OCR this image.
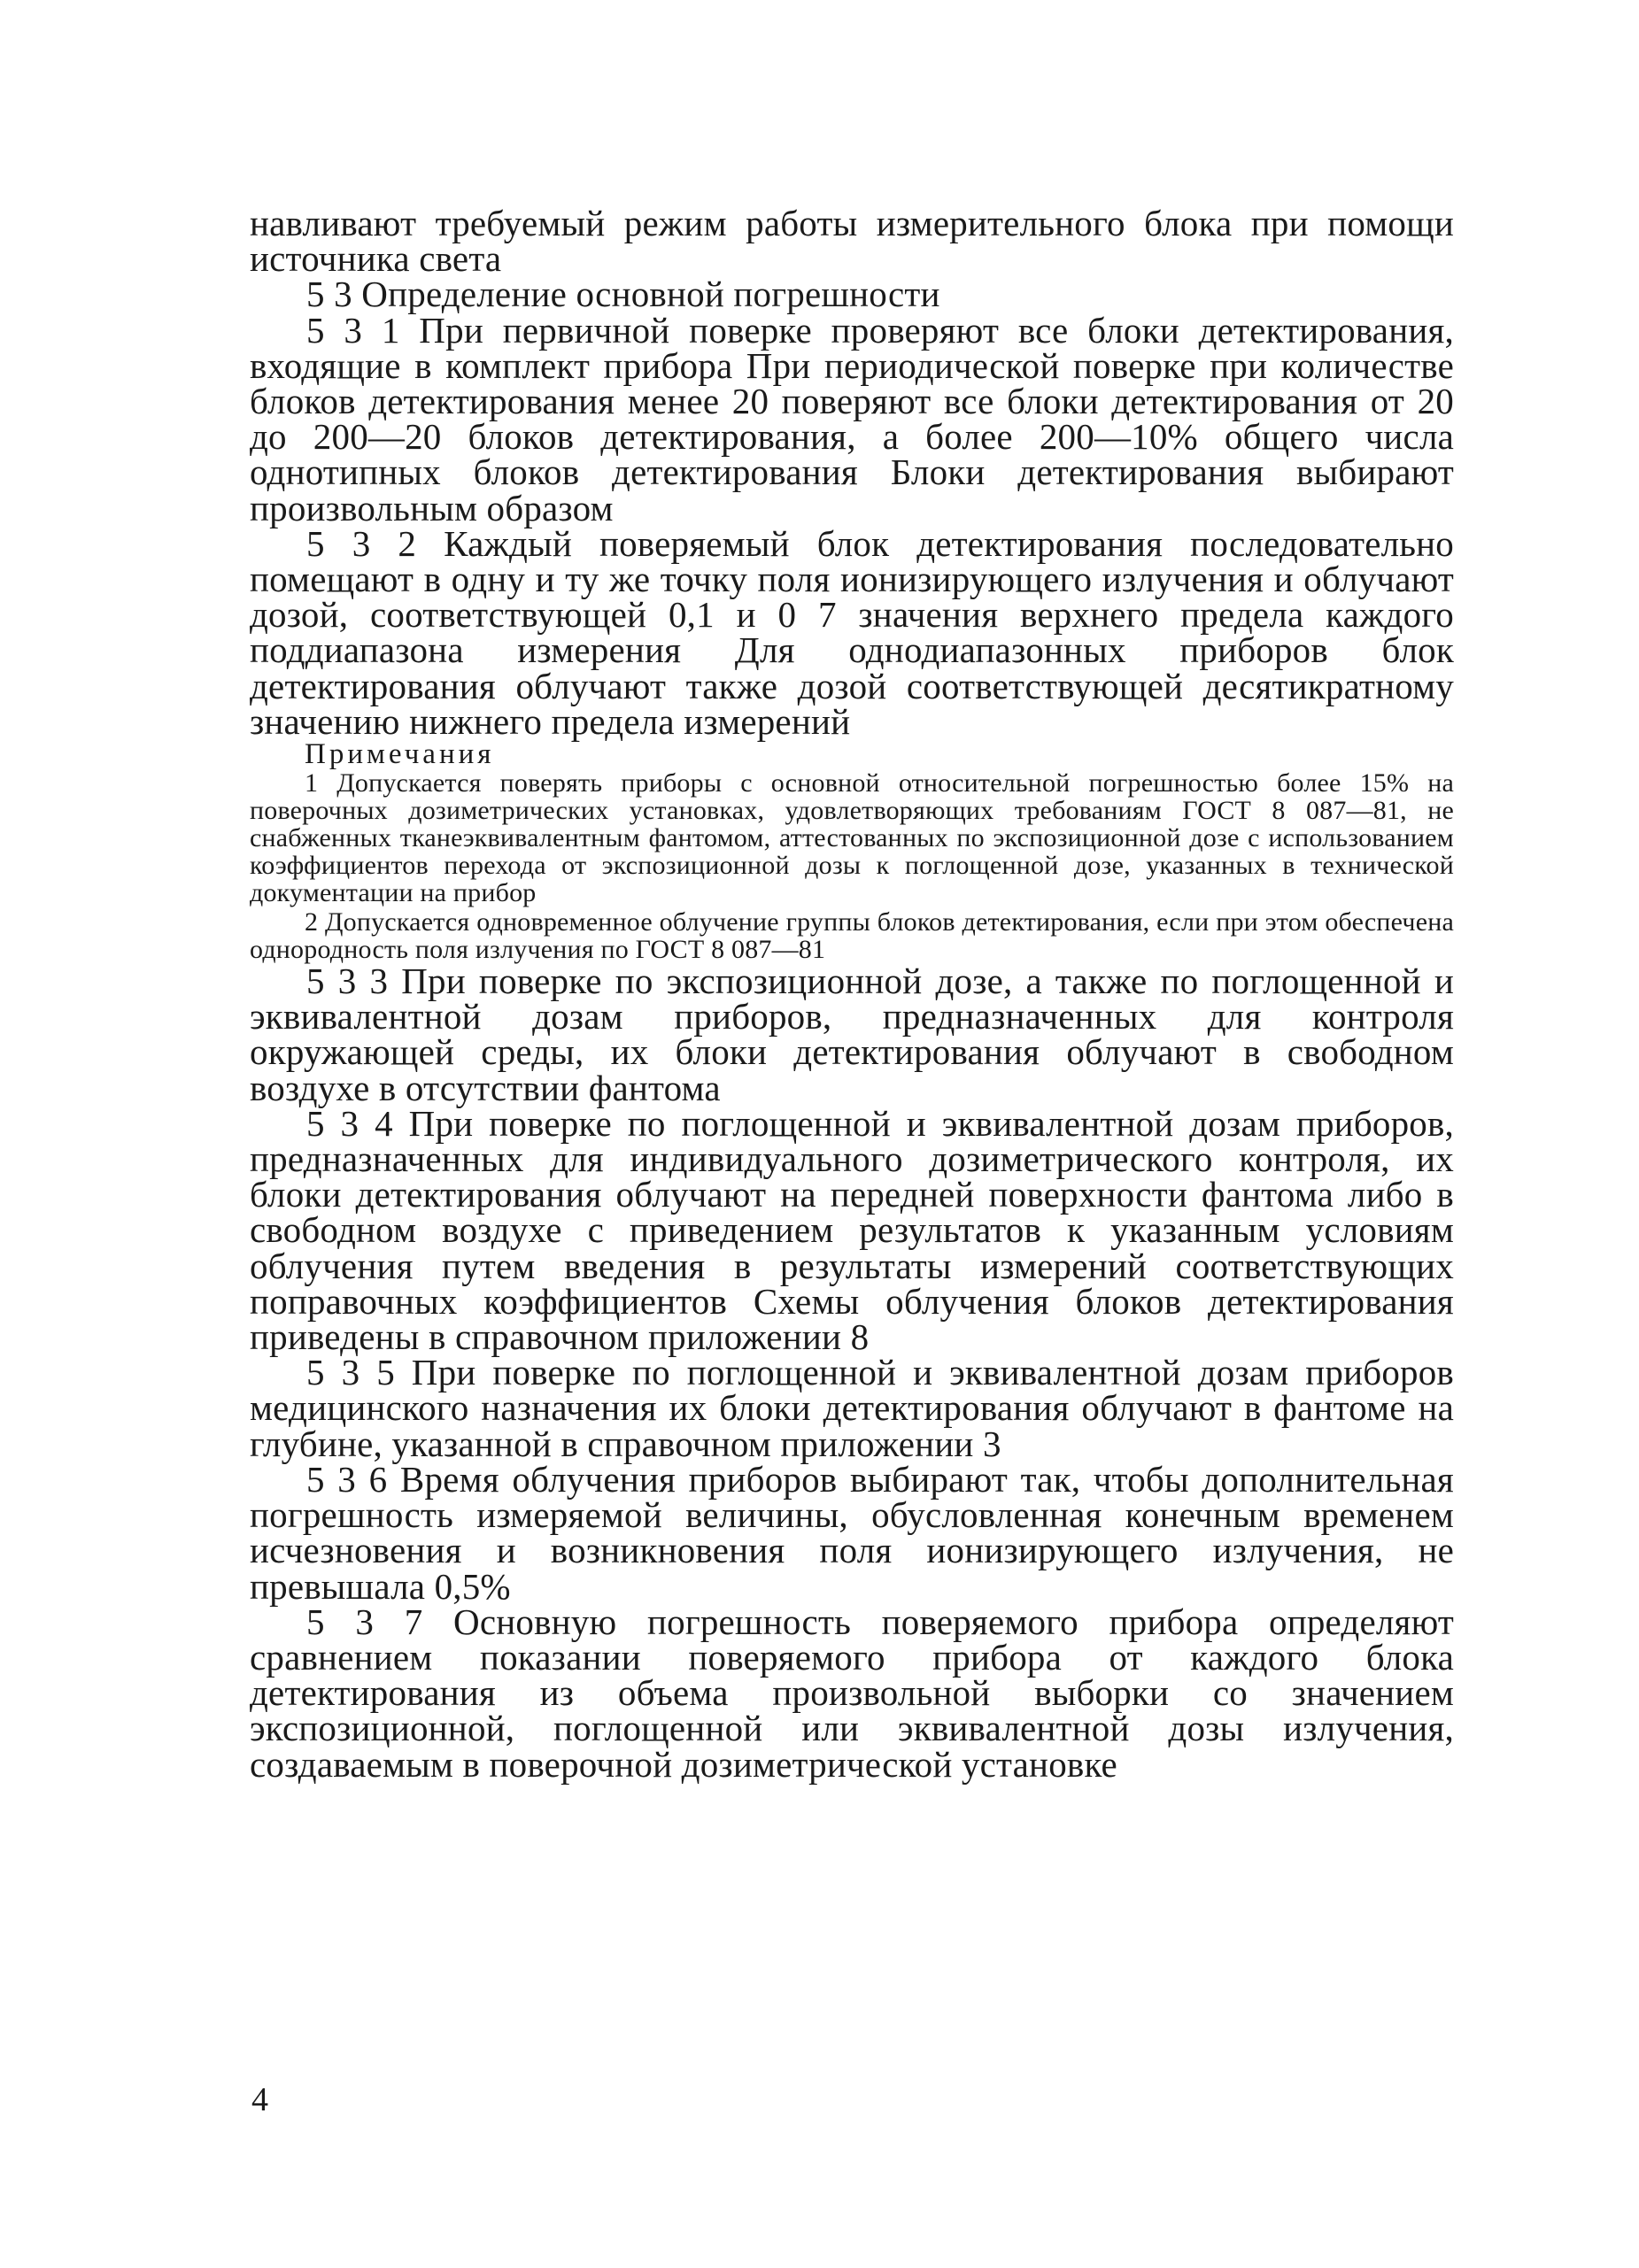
навливают требуемый режим работы измерительного блока при помощи источника света

5 3 Определение основной погрешности

5 3 1 При первичной поверке проверяют все блоки детектирования, входящие в комплект прибора При периодической поверке при количестве блоков детектирования менее 20 поверяют все блоки детектирования от 20 до 200—20 блоков детектирования, а более 200—10% общего числа однотипных блоков детектирования Блоки детектирования выбирают произвольным образом

5 3 2 Каждый поверяемый блок детектирования последовательно помещают в одну и ту же точку поля ионизирующего излучения и облучают дозой, соответствующей 0,1 и 0 7 значения верхнего предела каждого поддиапазона измерения Для однодиапазонных приборов блок детектирования облучают также дозой соответствующей десятикратному значению нижнего предела измерений

Примечания

1 Допускается поверять приборы с основной относительной погрешностью более 15% на поверочных дозиметрических установках, удовлетворяющих требованиям ГОСТ 8 087—81, не снабженных тканеэквивалентным фантомом, аттестованных по экспозиционной дозе с использованием коэффициентов перехода от экспозиционной дозы к поглощенной дозе, указанных в технической документации на прибор

2 Допускается одновременное облучение группы блоков детектирования, если при этом обеспечена однородность поля излучения по ГОСТ 8 087—81

5 3 3 При поверке по экспозиционной дозе, а также по поглощенной и эквивалентной дозам приборов, предназначенных для контроля окружающей среды, их блоки детектирования облучают в свободном воздухе в отсутствии фантома

5 3 4 При поверке по поглощенной и эквивалентной дозам приборов, предназначенных для индивидуального дозиметрического контроля, их блоки детектирования облучают на передней поверхности фантома либо в свободном воздухе с приведением результатов к указанным условиям облучения путем введения в результаты измерений соответствующих поправочных коэффициентов Схемы облучения блоков детектирования приведены в справочном приложении 8

5 3 5 При поверке по поглощенной и эквивалентной дозам приборов медицинского назначения их блоки детектирования облучают в фантоме на глубине, указанной в справочном приложении 3

5 3 6 Время облучения приборов выбирают так, чтобы дополнительная погрешность измеряемой величины, обусловленная конечным временем исчезновения и возникновения поля ионизирующего излучения, не превышала 0,5%

5 3 7 Основную погрешность поверяемого прибора определяют сравнением показании поверяемого прибора от каждого блока детектирования из объема произвольной выборки со значением экспозиционной, поглощенной или эквивалентной дозы излучения, создаваемым в поверочной дозиметрической установке

4
